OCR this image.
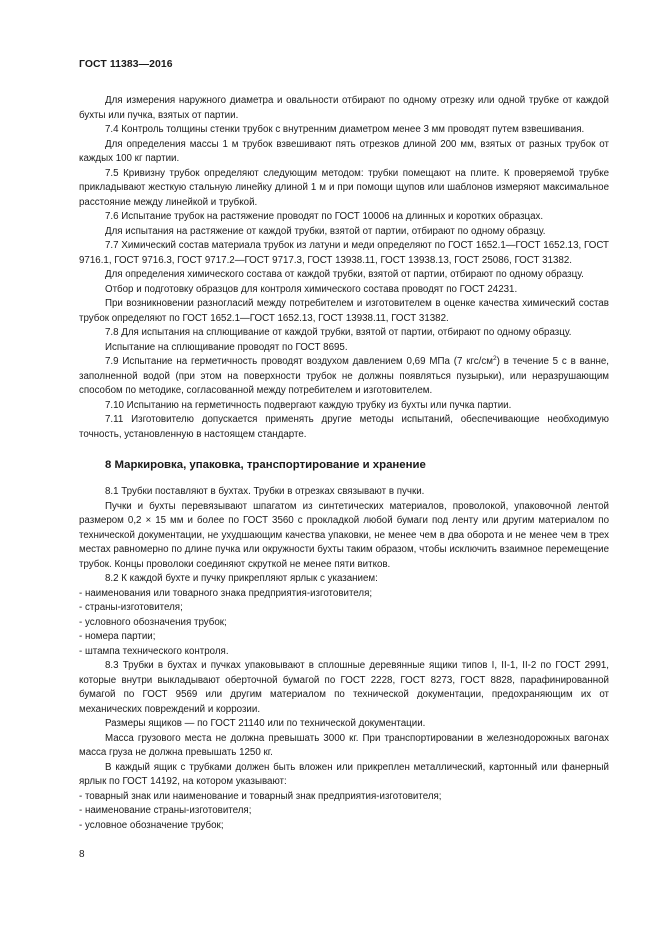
ГОСТ 11383—2016

Для измерения наружного диаметра и овальности отбирают по одному отрезку или одной трубке от каждой бухты или пучка, взятых от партии.

7.4 Контроль толщины стенки трубок с внутренним диаметром менее 3 мм проводят путем взвешивания.

Для определения массы 1 м трубок взвешивают пять отрезков длиной 200 мм, взятых от разных трубок от каждых 100 кг партии.

7.5 Кривизну трубок определяют следующим методом: трубки помещают на плите. К проверяемой трубке прикладывают жесткую стальную линейку длиной 1 м и при помощи щупов или шаблонов измеряют максимальное расстояние между линейкой и трубкой.

7.6 Испытание трубок на растяжение проводят по ГОСТ 10006 на длинных и коротких образцах.

Для испытания на растяжение от каждой трубки, взятой от партии, отбирают по одному образцу.

7.7 Химический состав материала трубок из латуни и меди определяют по ГОСТ 1652.1—ГОСТ 1652.13, ГОСТ 9716.1, ГОСТ 9716.3, ГОСТ 9717.2—ГОСТ 9717.3, ГОСТ 13938.11, ГОСТ 13938.13, ГОСТ 25086, ГОСТ 31382.

Для определения химического состава от каждой трубки, взятой от партии, отбирают по одному образцу.

Отбор и подготовку образцов для контроля химического состава проводят по ГОСТ 24231.

При возникновении разногласий между потребителем и изготовителем в оценке качества химический состав трубок определяют по ГОСТ 1652.1—ГОСТ 1652.13, ГОСТ 13938.11, ГОСТ 31382.

7.8 Для испытания на сплющивание от каждой трубки, взятой от партии, отбирают по одному образцу.

Испытание на сплющивание проводят по ГОСТ 8695.

7.9 Испытание на герметичность проводят воздухом давлением 0,69 МПа (7 кгс/$см^2$) в течение 5 с в ванне, заполненной водой (при этом на поверхности трубок не должны появляться пузырьки), или неразрушающим способом по методике, согласованной между потребителем и изготовителем.

7.10 Испытанию на герметичность подвергают каждую трубку из бухты или пучка партии.

7.11 Изготовителю допускается применять другие методы испытаний, обеспечивающие необходимую точность, установленную в настоящем стандарте.

8 Маркировка, упаковка, транспортирование и хранение

8.1 Трубки поставляют в бухтах. Трубки в отрезках связывают в пучки.

Пучки и бухты перевязывают шпагатом из синтетических материалов, проволокой, упаковочной лентой размером 0,2 × 15 мм и более по ГОСТ 3560 с прокладкой любой бумаги под ленту или другим материалом по технической документации, не ухудшающим качества упаковки, не менее чем в два оборота и не менее чем в трех местах равномерно по длине пучка или окружности бухты таким образом, чтобы исключить взаимное перемещение трубок. Концы проволоки соединяют скруткой не менее пяти витков.

8.2 К каждой бухте и пучку прикрепляют ярлык с указанием:

- наименования или товарного знака предприятия-изготовителя;

- страны-изготовителя;

- условного обозначения трубок;

- номера партии;

- штампа технического контроля.

8.3 Трубки в бухтах и пучках упаковывают в сплошные деревянные ящики типов I, II-1, II-2 по ГОСТ 2991, которые внутри выкладывают оберточной бумагой по ГОСТ 2228, ГОСТ 8273, ГОСТ 8828, парафинированной бумагой по ГОСТ 9569 или другим материалом по технической документации, предохраняющим их от механических повреждений и коррозии.

Размеры ящиков — по ГОСТ 21140 или по технической документации.

Масса грузового места не должна превышать 3000 кг. При транспортировании в железнодорожных вагонах масса груза не должна превышать 1250 кг.

В каждый ящик с трубками должен быть вложен или прикреплен металлический, картонный или фанерный ярлык по ГОСТ 14192, на котором указывают:

- товарный знак или наименование и товарный знак предприятия-изготовителя;

- наименование страны-изготовителя;

- условное обозначение трубок;

8
